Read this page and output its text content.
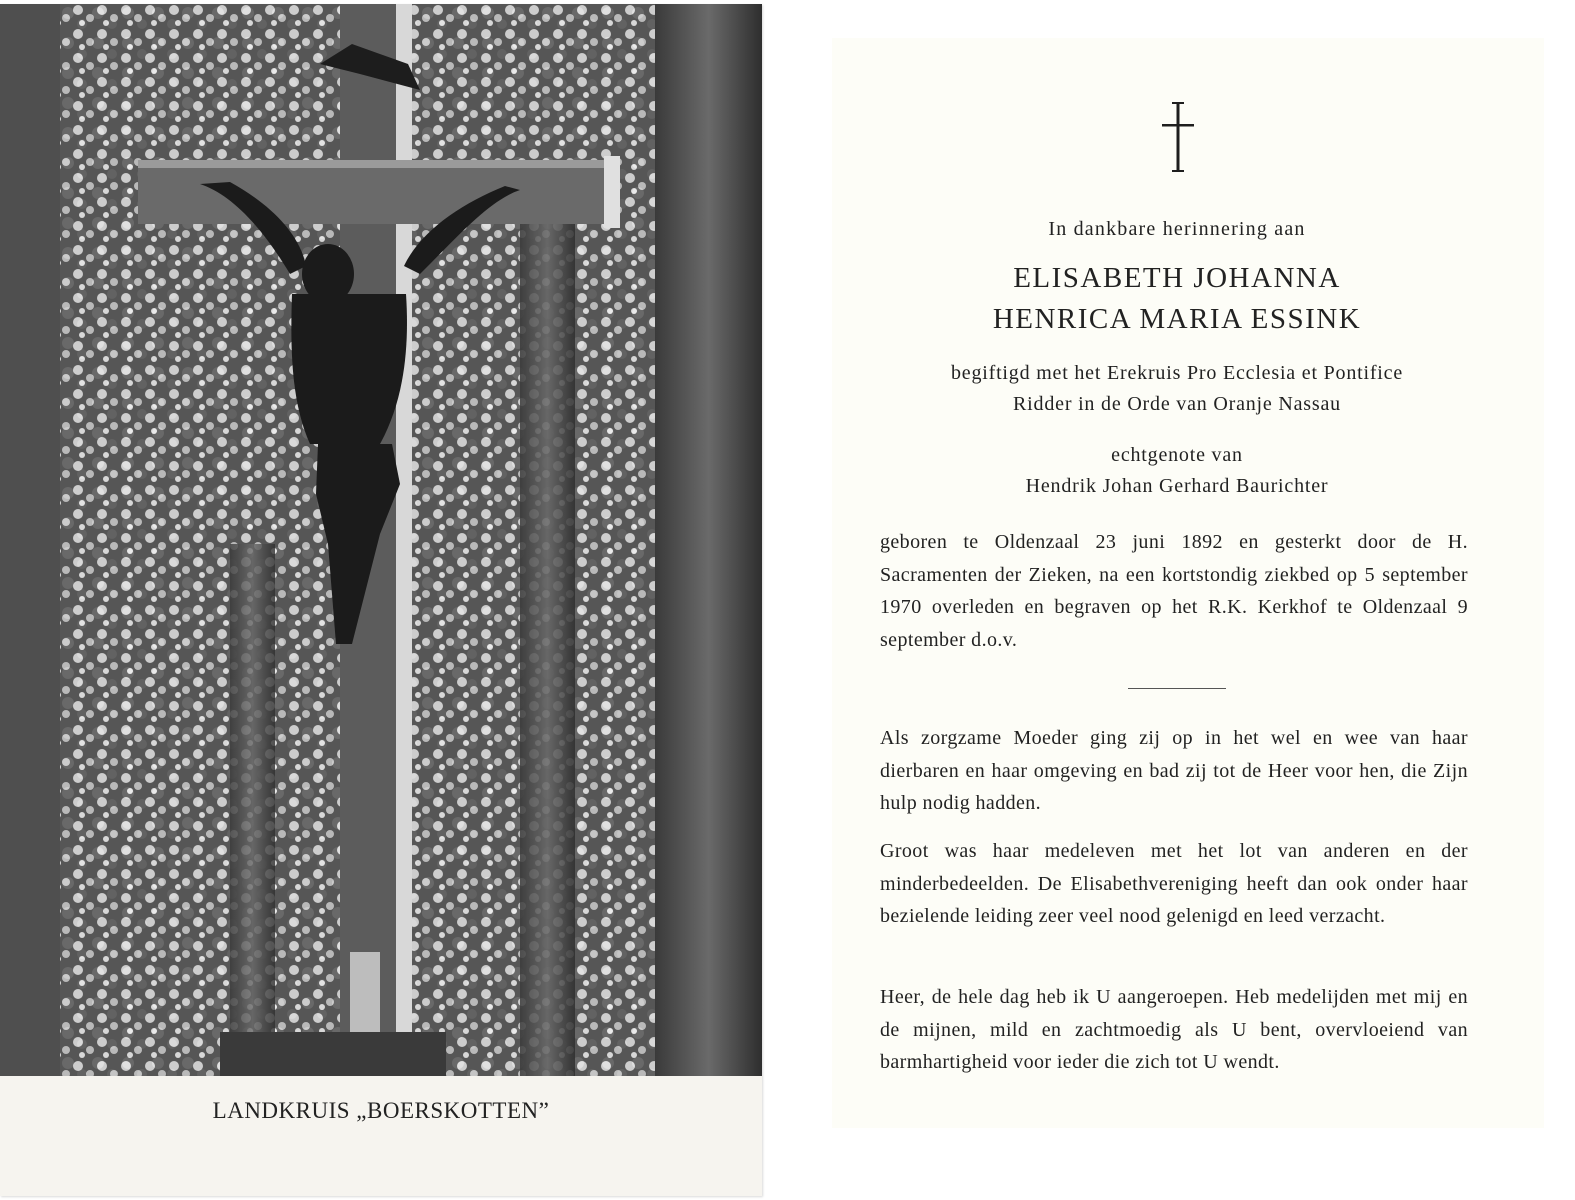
LANDKRUIS „BOERSKOTTEN”
In dankbare herinnering aan
ELISABETH JOHANNA
HENRICA MARIA ESSINK
begiftigd met het Erekruis Pro Ecclesia et Pontifice
Ridder in de Orde van Oranje Nassau
echtgenote van
Hendrik Johan Gerhard Baurichter

geboren te Oldenzaal 23 juni 1892 en gesterkt door de H. Sacramenten der Zieken, na een kortstondig ziekbed op 5 september 1970 overleden en begraven op het R.K. Kerkhof te Oldenzaal 9 september d.o.v.

Als zorgzame Moeder ging zij op in het wel en wee van haar dierbaren en haar omgeving en bad zij tot de Heer voor hen, die Zijn hulp nodig hadden.

Groot was haar medeleven met het lot van anderen en der minderbedeelden. De Elisabethvereniging heeft dan ook onder haar bezielende leiding zeer veel nood gelenigd en leed verzacht.

Heer, de hele dag heb ik U aangeroepen. Heb medelijden met mij en de mijnen, mild en zachtmoedig als U bent, overvloeiend van barmhartigheid voor ieder die zich tot U wendt.
